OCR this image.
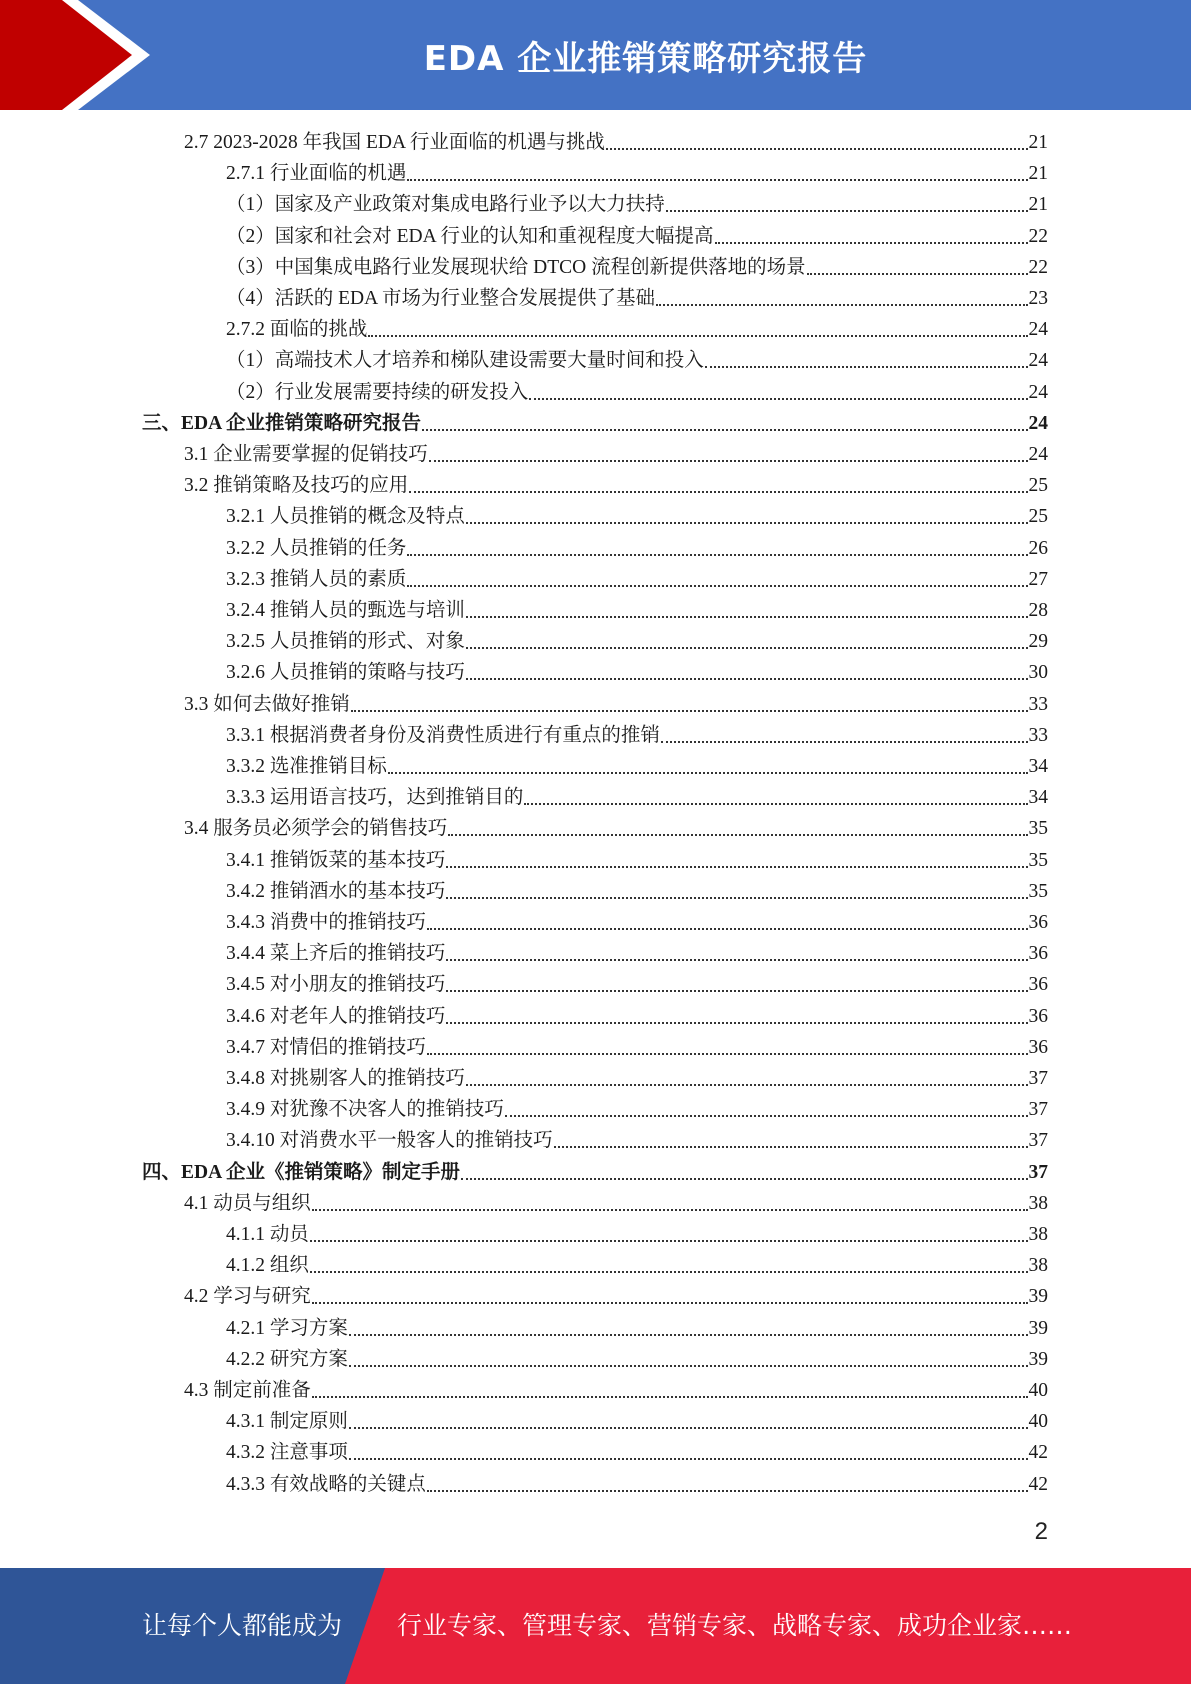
EDA 企业推销策略研究报告
2.7 2023-2028 年我国 EDA 行业面临的机遇与挑战	21
2.7.1 行业面临的机遇	21
（1）国家及产业政策对集成电路行业予以大力扶持	21
（2）国家和社会对 EDA 行业的认知和重视程度大幅提高	22
（3）中国集成电路行业发展现状给 DTCO 流程创新提供落地的场景	22
（4）活跃的 EDA 市场为行业整合发展提供了基础	23
2.7.2 面临的挑战	24
（1）高端技术人才培养和梯队建设需要大量时间和投入	24
（2）行业发展需要持续的研发投入	24
三、EDA 企业推销策略研究报告	24
3.1 企业需要掌握的促销技巧	24
3.2 推销策略及技巧的应用	25
3.2.1 人员推销的概念及特点	25
3.2.2 人员推销的任务	26
3.2.3 推销人员的素质	27
3.2.4 推销人员的甄选与培训	28
3.2.5 人员推销的形式、对象	29
3.2.6 人员推销的策略与技巧	30
3.3 如何去做好推销	33
3.3.1 根据消费者身份及消费性质进行有重点的推销	33
3.3.2 选准推销目标	34
3.3.3 运用语言技巧，达到推销目的	34
3.4 服务员必须学会的销售技巧	35
3.4.1 推销饭菜的基本技巧	35
3.4.2 推销酒水的基本技巧	35
3.4.3 消费中的推销技巧	36
3.4.4 菜上齐后的推销技巧	36
3.4.5 对小朋友的推销技巧	36
3.4.6 对老年人的推销技巧	36
3.4.7 对情侣的推销技巧	36
3.4.8 对挑剔客人的推销技巧	37
3.4.9 对犹豫不决客人的推销技巧	37
3.4.10 对消费水平一般客人的推销技巧	37
四、EDA 企业《推销策略》制定手册	37
4.1 动员与组织	38
4.1.1 动员	38
4.1.2 组织	38
4.2 学习与研究	39
4.2.1 学习方案	39
4.2.2 研究方案	39
4.3 制定前准备	40
4.3.1 制定原则	40
4.3.2 注意事项	42
4.3.3 有效战略的关键点	42
2
让每个人都能成为 行业专家、管理专家、营销专家、战略专家、成功企业家……
